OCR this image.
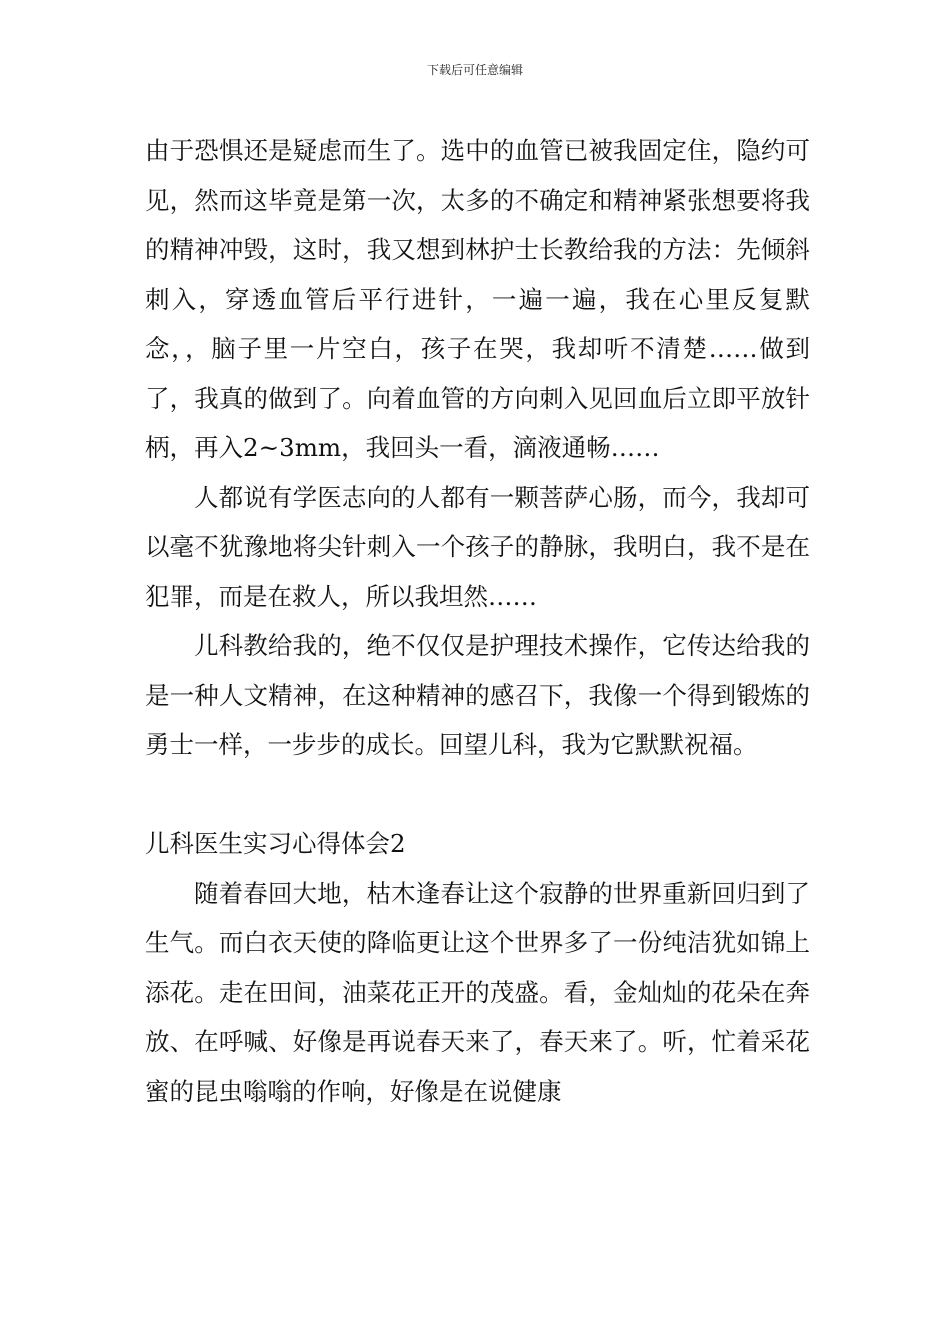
下载后可任意编辑

由于恐惧还是疑虑而生了。选中的血管已被我固定住，隐约可见，然而这毕竟是第一次，太多的不确定和精神紧张想要将我的精神冲毁，这时，我又想到林护士长教给我的方法：先倾斜刺入，穿透血管后平行进针，一遍一遍，我在心里反复默念，，脑子里一片空白，孩子在哭，我却听不清楚……做到了，我真的做到了。向着血管的方向刺入见回血后立即平放针柄，再入2~3mm，我回头一看，滴液通畅……

人都说有学医志向的人都有一颗菩萨心肠，而今，我却可以毫不犹豫地将尖针刺入一个孩子的静脉，我明白，我不是在犯罪，而是在救人，所以我坦然……

儿科教给我的，绝不仅仅是护理技术操作，它传达给我的是一种人文精神，在这种精神的感召下，我像一个得到锻炼的勇士一样，一步步的成长。回望儿科，我为它默默祝福。

儿科医生实习心得体会2

随着春回大地，枯木逢春让这个寂静的世界重新回归到了生气。而白衣天使的降临更让这个世界多了一份纯洁犹如锦上添花。走在田间，油菜花正开的茂盛。看，金灿灿的花朵在奔放、在呼喊、好像是再说春天来了，春天来了。听，忙着采花蜜的昆虫嗡嗡的作响，好像是在说健康
